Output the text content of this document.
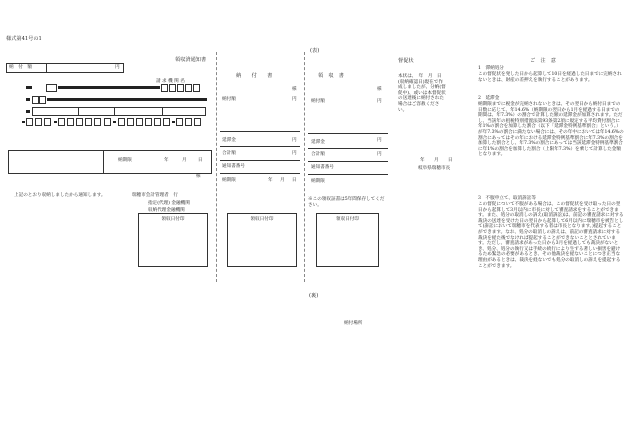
様式第41号の1
領収済通知書
納　付　額	円
請 求 機 関 名
納期限	年	月 日
様
上記のとおり収納しましたから通知します。	瑞穂市会計管理者　行
指定(代理) 金融機関
収納代理金融機関
領収日付印
納　　付　　書
納付額
様
円
延滞金	円
合計額	円
通知書番号
納期限	年 月 日
領収日付印
(表)
領　収　書
納付額
様
円
延滞金	円
合計額	円
通知書番号
納期限
※この領収証書は5年間保存してください。
領収日付印
(裏)
納付場所
督促状
本状は、　年　月　日(収納確認日)現在で作成しましたが、分納(督促中)、或いは本督促状の送達後に納付された場合はご容赦ください。
年 月 日
岐阜県瑞穂市長
ご　注　意
1　滞納処分
この督促状を発した日から起算して10日を経過した日までに完納されないときは、財産の差押えを執行することがあります。
2　延滞金
納期限までに税金が完納されないときは、その翌日から納付日までの日数に応じて、年14.6%（納期限の翌日から1月を経過する日までの期間は、年7.3%）の割合で計算した額の延滞金が加算されます。ただし、当該年の租税特別措置法第93条第2項に規定する平均貸付割合に年1%の割合を加算した割合（以下「延滞金特例基準割合」という。）が年7.3%の割合に満たない場合には、その年中においては年14.6%の割合にあってはその年における延滞金特例基準割合に年7.3%の割合を加算した割合とし、年7.3%の割合にあっては当該延滞金特例基準割合に年1%の割合を加算した割合（上限年7.3%）を乗じて計算した金額となります。
3　不服申立て、取消訴訟等
この督促について不服がある場合は、この督促状を受け取った日の翌日から起算して3月以内に市長に対して審査請求をすることができます。また、処分の取消しの訴え(取消訴訟)は、前記の審査請求に対する裁決の送達を受けた日の翌日から起算して6月以内に瑞穂市を被告として(訴訟において瑞穂市を代表する者は市長となります。)提起することができます。なお、処分の取消しの訴えは、前記の審査請求に対する裁決を経た後でなければ提起することができないこととされています。ただし、審査請求があった日から3月を経過しても裁決がないとき、処分、処分の執行又は手続の続行により生ずる著しい損害を避けるため緊急の必要があるとき、その他裁決を経ないことにつき正当な理由があるときは、裁決を経ないでも処分の取消しの訴えを提起することができます。
